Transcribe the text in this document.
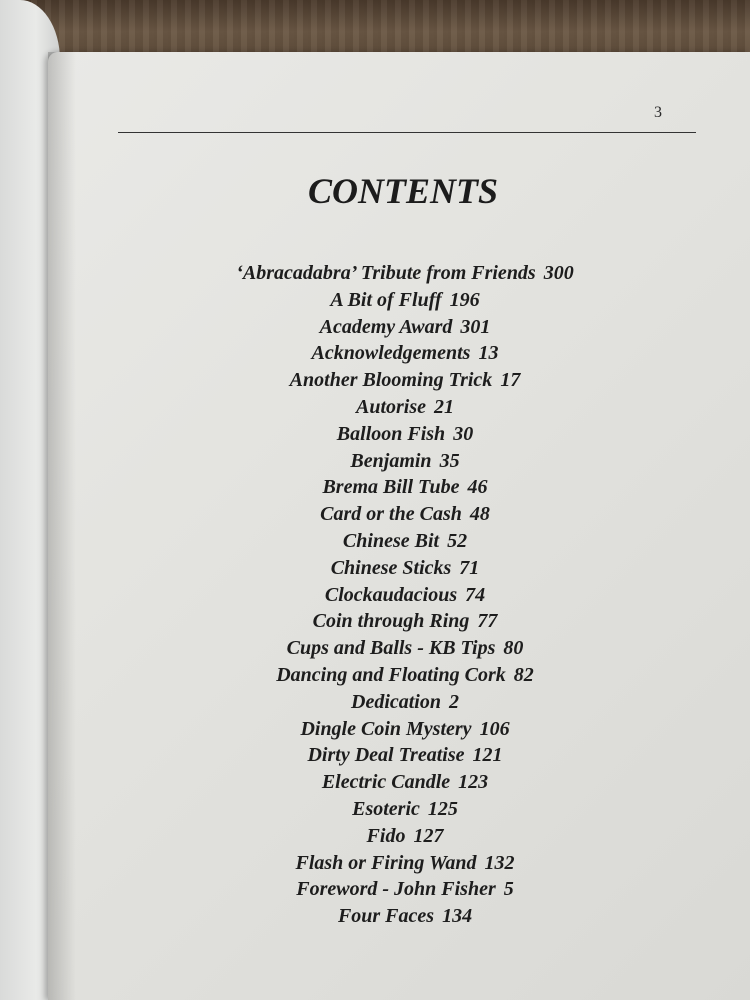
3
CONTENTS
‘Abracadabra’ Tribute from Friends 300
A Bit of Fluff 196
Academy Award 301
Acknowledgements 13
Another Blooming Trick 17
Autorise 21
Balloon Fish 30
Benjamin 35
Brema Bill Tube 46
Card or the Cash 48
Chinese Bit 52
Chinese Sticks 71
Clockaudacious 74
Coin through Ring 77
Cups and Balls - KB Tips 80
Dancing and Floating Cork 82
Dedication 2
Dingle Coin Mystery 106
Dirty Deal Treatise 121
Electric Candle 123
Esoteric 125
Fido 127
Flash or Firing Wand 132
Foreword - John Fisher 5
Four Faces 134
